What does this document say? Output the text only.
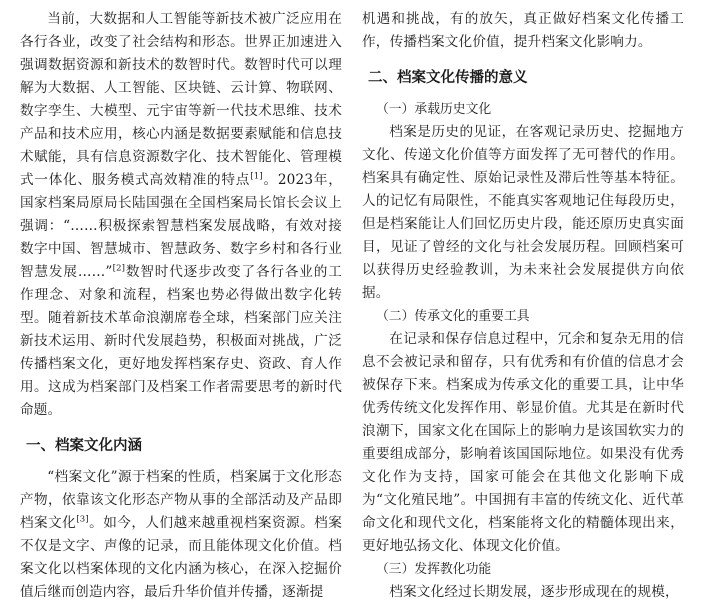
当前，大数据和人工智能等新技术被广泛应用在各行各业，改变了社会结构和形态。世界正加速进入强调数据资源和新技术的数智时代。数智时代可以理解为大数据、人工智能、区块链、云计算、物联网、数字孪生、大模型、元宇宙等新一代技术思维、技术产品和技术应用，核心内涵是数据要素赋能和信息技术赋能，具有信息资源数字化、技术智能化、管理模式一体化、服务模式高效精准的特点[1]。2023年，国家档案局原局长陆国强在全国档案局长馆长会议上强调：“……积极探索智慧档案发展战略，有效对接数字中国、智慧城市、智慧政务、数字乡村和各行业智慧发展……”[2]数智时代逐步改变了各行各业的工作理念、对象和流程，档案也势必得做出数字化转型。随着新技术革命浪潮席卷全球，档案部门应关注新技术运用、新时代发展趋势，积极面对挑战，广泛传播档案文化，更好地发挥档案存史、资政、育人作用。这成为档案部门及档案工作者需要思考的新时代命题。

一、档案文化内涵

“档案文化”源于档案的性质，档案属于文化形态产物，依靠该文化形态产物从事的全部活动及产品即档案文化[3]。如今，人们越来越重视档案资源。档案不仅是文字、声像的记录，而且能体现文化价值。档案文化以档案体现的文化内涵为核心，在深入挖掘价值后继而创造内容，最后升华价值并传播，逐渐提

机遇和挑战，有的放矢，真正做好档案文化传播工作，传播档案文化价值，提升档案文化影响力。

二、档案文化传播的意义
（一）承载历史文化

档案是历史的见证，在客观记录历史、挖掘地方文化、传递文化价值等方面发挥了无可替代的作用。档案具有确定性、原始记录性及滞后性等基本特征。人的记忆有局限性，不能真实客观地记住每段历史，但是档案能让人们回忆历史片段，能还原历史真实面目，见证了曾经的文化与社会发展历程。回顾档案可以获得历史经验教训，为未来社会发展提供方向依据。

（二）传承文化的重要工具

在记录和保存信息过程中，冗余和复杂无用的信息不会被记录和留存，只有优秀和有价值的信息才会被保存下来。档案成为传承文化的重要工具，让中华优秀传统文化发挥作用、彰显价值。尤其是在新时代浪潮下，国家文化在国际上的影响力是该国软实力的重要组成部分，影响着该国国际地位。如果没有优秀文化作为支持，国家可能会在其他文化影响下成为“文化殖民地”。中国拥有丰富的传统文化、近代革命文化和现代文化，档案能将文化的精髓体现出来，更好地弘扬文化、体现文化价值。

（三）发挥教化功能

档案文化经过长期发展，逐步形成现在的规模，
